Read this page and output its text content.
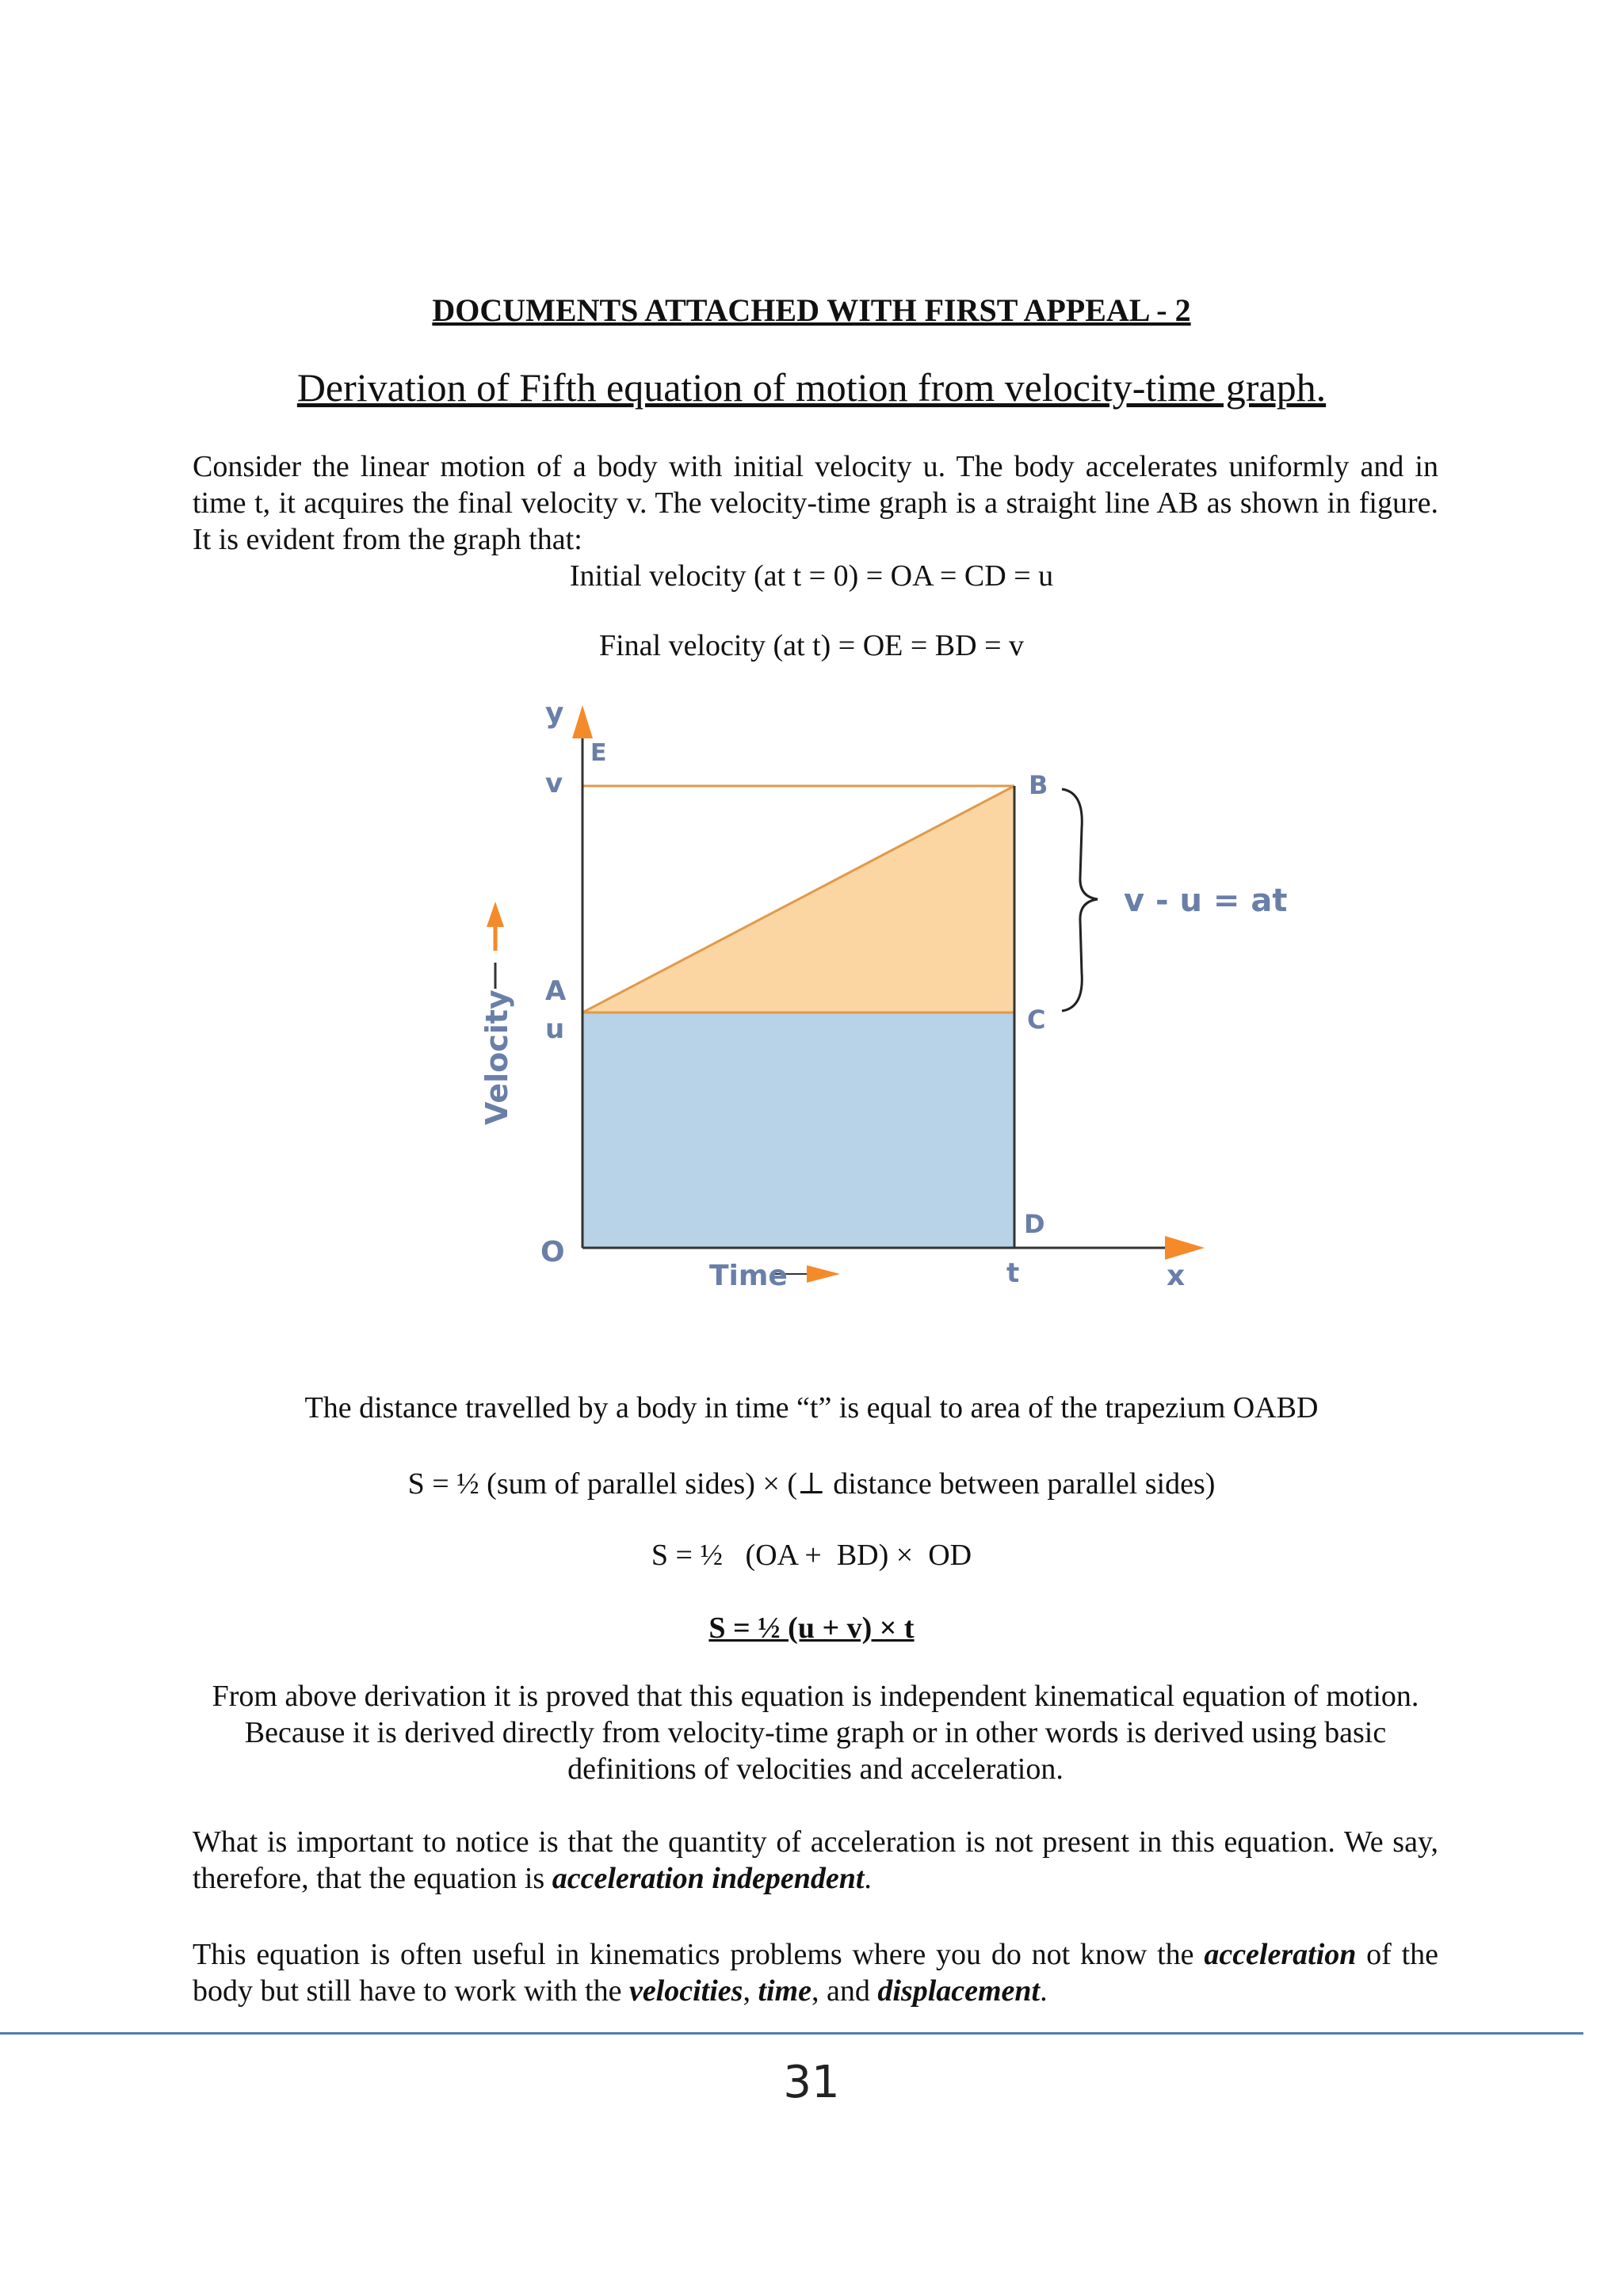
DOCUMENTS ATTACHED WITH FIRST APPEAL - 2
Derivation of Fifth equation of motion from velocity-time graph.
Consider the linear motion of a body with initial velocity u. The body accelerates uniformly and in time t, it acquires the final velocity v. The velocity-time graph is a straight line AB as shown in figure. It is evident from the graph that:
Initial velocity (at t = 0) = OA = CD = u
Final velocity (at t) = OE = BD = v
y
x
v
E
B
A
u	C
O
D
t
v - u = at
Time
Velocity
The distance travelled by a body in time “t” is equal to area of the trapezium OABD
S = ½ (sum of parallel sides) × (⊥ distance between parallel sides)
S = ½   (OA +  BD) ×  OD
S = ½ (u + v) × t
From above derivation it is proved that this equation is independent kinematical equation of motion. Because it is derived directly from velocity-time graph or in other words is derived using basic definitions of velocities and acceleration.
What is important to notice is that the quantity of acceleration is not present in this equation. We say, therefore, that the equation is acceleration independent.
This equation is often useful in kinematics problems where you do not know the acceleration of the body but still have to work with the velocities, time, and displacement.
31
